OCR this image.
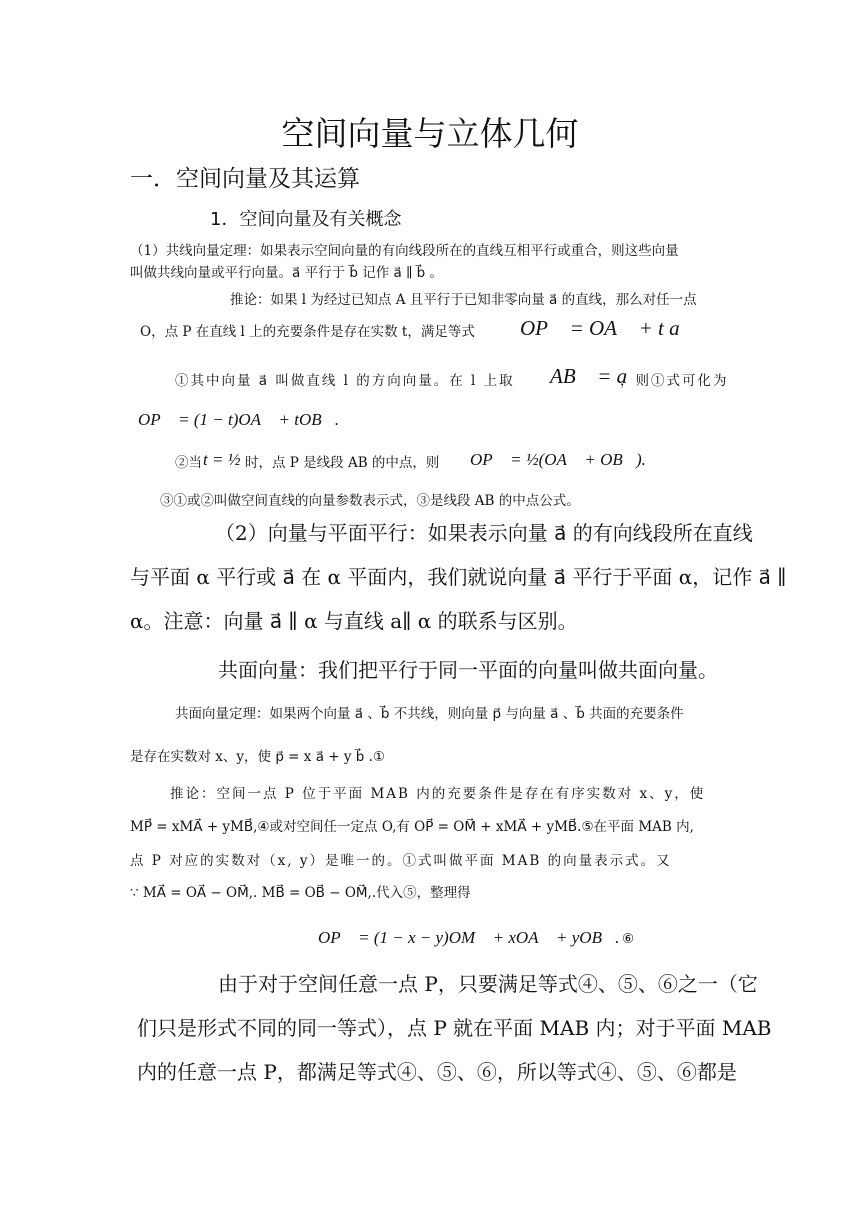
空间向量与立体几何
一．空间向量及其运算
1．空间向量及有关概念
（1）共线向量定理：如果表示空间向量的有向线段所在的直线互相平行或重合，则这些向量
叫做共线向量或平行向量。a⃗ 平行于 b⃗ 记作 a⃗ ∥ b⃗ 。
推论：如果 l 为经过已知点 A 且平行于已知非零向量 a⃗ 的直线，那么对任一点
O，点 P 在直线 l 上的充要条件是存在实数 t，满足等式 OP⃗ = OA⃗ + t a⃗
①其中向量 a⃗ 叫做直线 l 的方向向量。在 l 上取 AB⃗ = a⃗
，则①式可化为
OP⃗ = (1 − t)OA⃗ + tOB⃗.
②当 t = ½ 时，点 P 是线段 AB 的中点，则 OP⃗ = ½(OA⃗ + OB⃗).
③①或②叫做空间直线的向量参数表示式，③是线段 AB 的中点公式。
（2）向量与平面平行：如果表示向量 a⃗ 的有向线段所在直线
与平面 α 平行或 a⃗ 在 α 平面内，我们就说向量 a⃗ 平行于平面 α，记作 a⃗ ∥
α。注意：向量 a⃗ ∥ α 与直线 a∥ α 的联系与区别。
共面向量：我们把平行于同一平面的向量叫做共面向量。
共面向量定理：如果两个向量 a⃗ 、b⃗ 不共线，则向量 p⃗ 与向量 a⃗ 、b⃗ 共面的充要条件
是存在实数对 x、y，使 p⃗ = x a⃗ + y b⃗ .①
推论：空间一点 P 位于平面 MAB 内的充要条件是存在有序实数对 x、y，使
MP⃗ = xMA⃗ + yMB⃗,④或对空间任一定点 O,有 OP⃗ = OM⃗ + xMA⃗ + yMB⃗.⑤在平面 MAB 内,
点 P 对应的实数对（x, y）是唯一的。①式叫做平面 MAB 的向量表示式。又
∵ MA⃗ = OA⃗ − OM⃗,. MB⃗ = OB⃗ − OM⃗,.代入⑤，整理得
OP⃗ = (1 − x − y)OM⃗ + xOA⃗ + yOB⃗. ⑥
由于对于空间任意一点 P，只要满足等式④、⑤、⑥之一（它
们只是形式不同的同一等式），点 P 就在平面 MAB 内；对于平面 MAB
内的任意一点 P，都满足等式④、⑤、⑥，所以等式④、⑤、⑥都是
